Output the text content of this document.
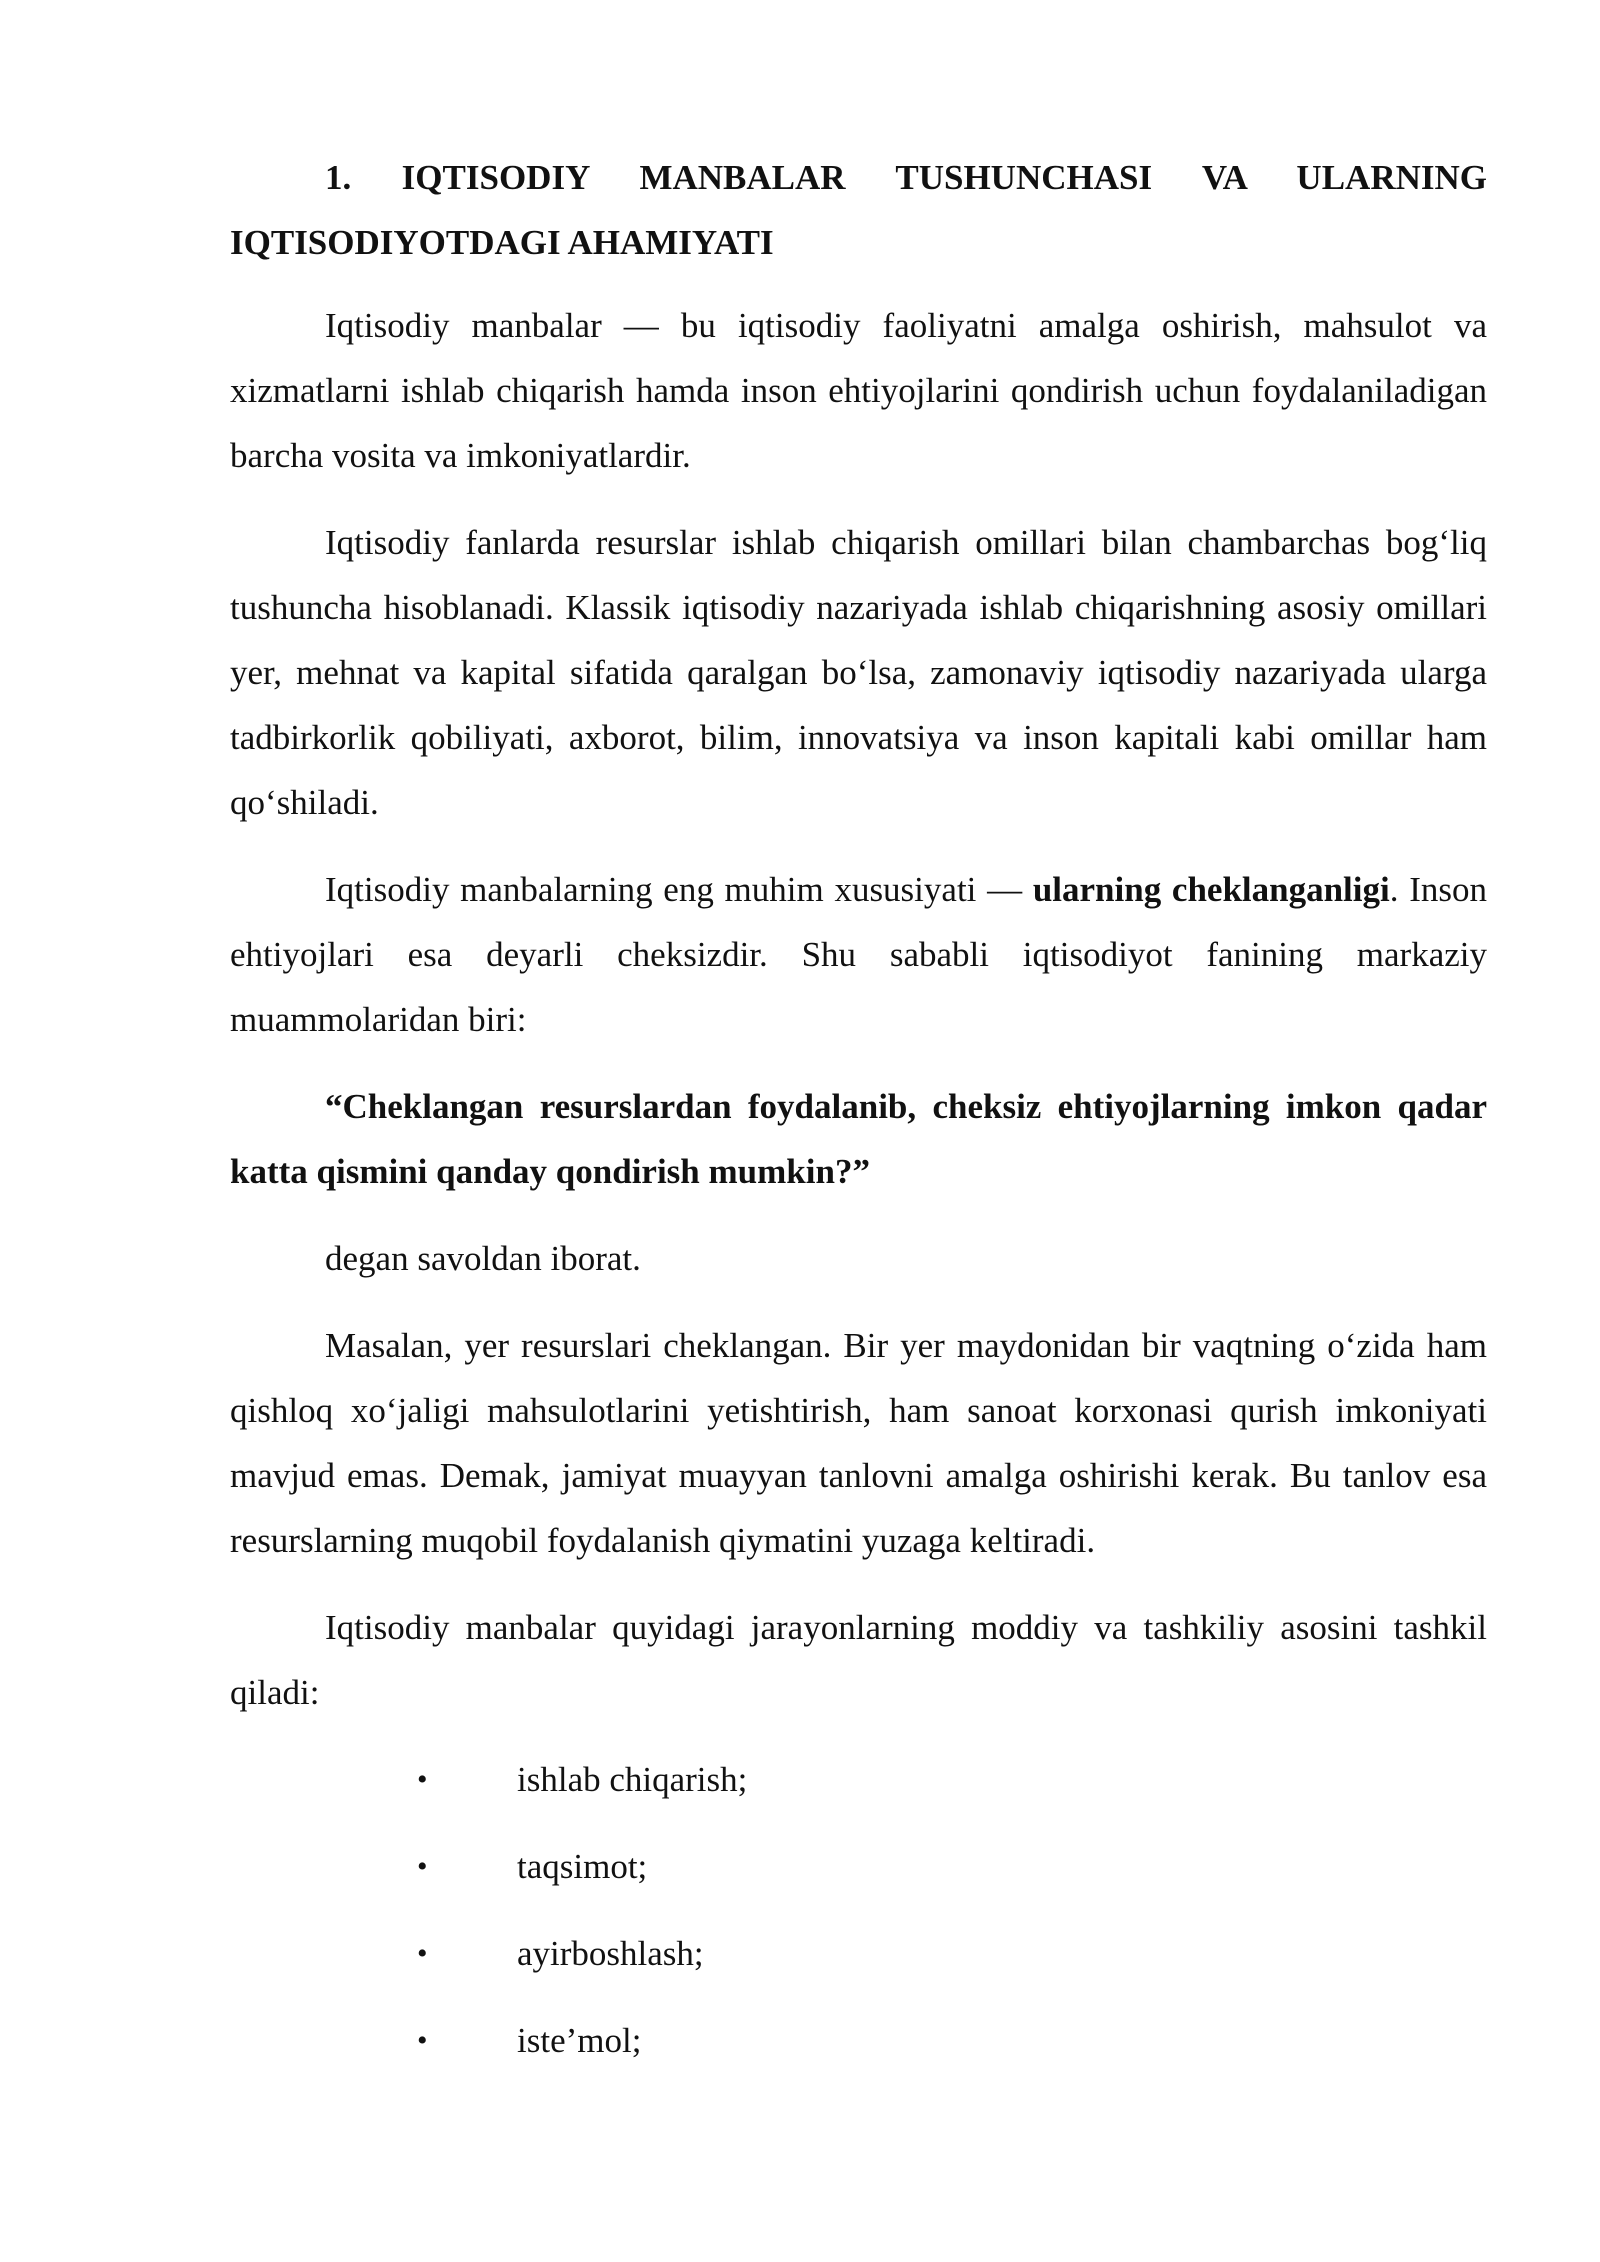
1. IQTISODIY MANBALAR TUSHUNCHASI VA ULARNING IQTISODIYOTDAGI AHAMIYATI

Iqtisodiy manbalar — bu iqtisodiy faoliyatni amalga oshirish, mahsulot va xizmatlarni ishlab chiqarish hamda inson ehtiyojlarini qondirish uchun foydalaniladigan barcha vosita va imkoniyatlardir.

Iqtisodiy fanlarda resurslar ishlab chiqarish omillari bilan chambarchas bog‘liq tushuncha hisoblanadi. Klassik iqtisodiy nazariyada ishlab chiqarishning asosiy omillari yer, mehnat va kapital sifatida qaralgan bo‘lsa, zamonaviy iqtisodiy nazariyada ularga tadbirkorlik qobiliyati, axborot, bilim, innovatsiya va inson kapitali kabi omillar ham qo‘shiladi.

Iqtisodiy manbalarning eng muhim xususiyati — ularning cheklanganligi. Inson ehtiyojlari esa deyarli cheksizdir. Shu sababli iqtisodiyot fanining markaziy muammolaridan biri:

“Cheklangan resurslardan foydalanib, cheksiz ehtiyojlarning imkon qadar katta qismini qanday qondirish mumkin?”

degan savoldan iborat.

Masalan, yer resurslari cheklangan. Bir yer maydonidan bir vaqtning o‘zida ham qishloq xo‘jaligi mahsulotlarini yetishtirish, ham sanoat korxonasi qurish imkoniyati mavjud emas. Demak, jamiyat muayyan tanlovni amalga oshirishi kerak. Bu tanlov esa resurslarning muqobil foydalanish qiymatini yuzaga keltiradi.

Iqtisodiy manbalar quyidagi jarayonlarning moddiy va tashkiliy asosini tashkil qiladi:

•	ishlab chiqarish;
•	taqsimot;
•	ayirboshlash;
•	iste’mol;
